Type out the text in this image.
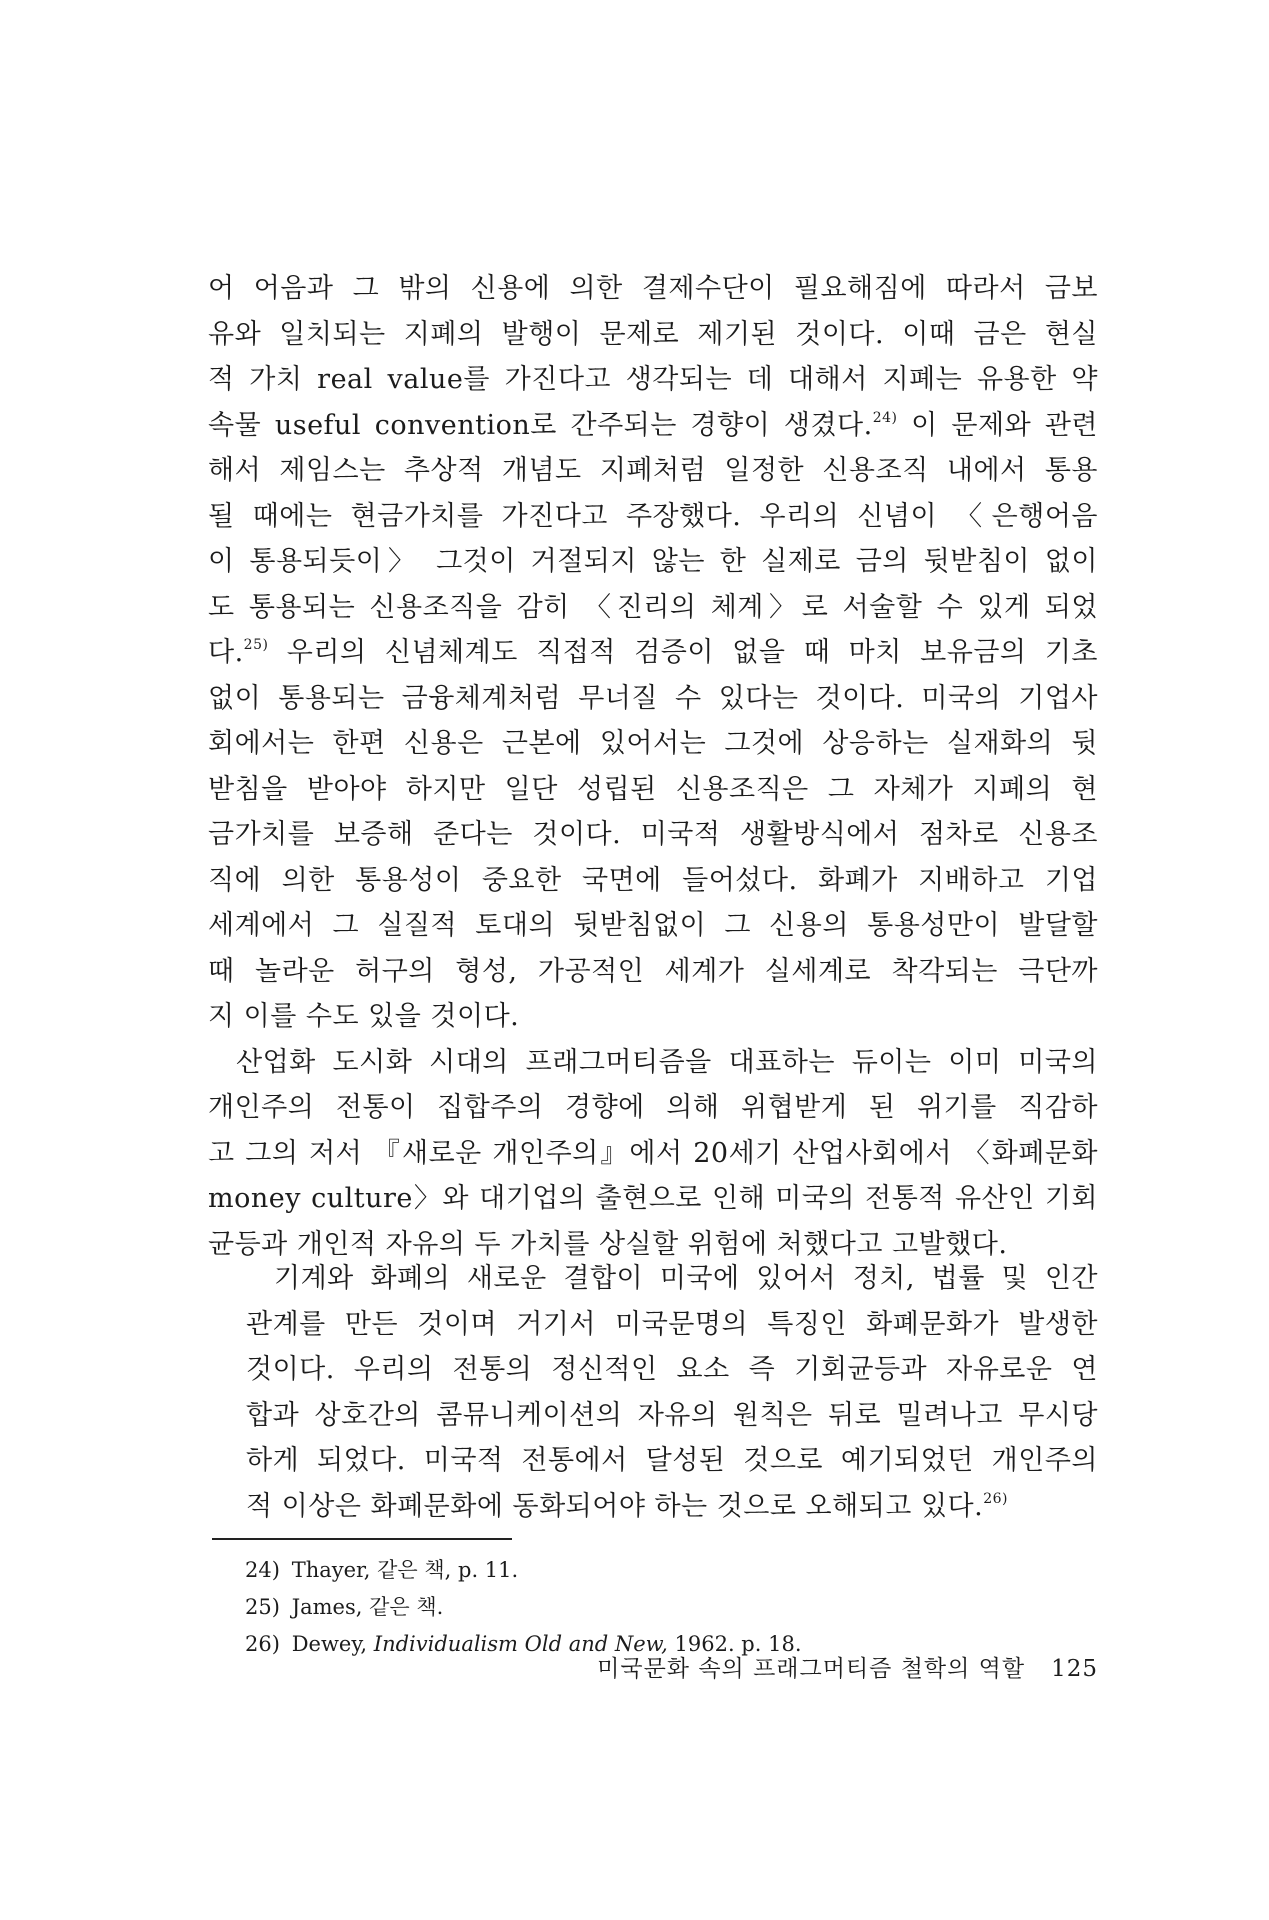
어 어음과 그 밖의 신용에 의한 결제수단이 필요해짐에 따라서 금보
유와 일치되는 지폐의 발행이 문제로 제기된 것이다. 이때 금은 현실
적 가치 real value를 가진다고 생각되는 데 대해서 지폐는 유용한 약
속물 useful convention로 간주되는 경향이 생겼다.$^{24)}$ 이 문제와 관련
해서 제임스는 추상적 개념도 지폐처럼 일정한 신용조직 내에서 통용
될 때에는 현금가치를 가진다고 주장했다. 우리의 신념이 〈은행어음
이 통용되듯이〉 그것이 거절되지 않는 한 실제로 금의 뒷받침이 없이
도 통용되는 신용조직을 감히 〈진리의 체계〉로 서술할 수 있게 되었
다.$^{25)}$ 우리의 신념체계도 직접적 검증이 없을 때 마치 보유금의 기초
없이 통용되는 금융체계처럼 무너질 수 있다는 것이다. 미국의 기업사
회에서는 한편 신용은 근본에 있어서는 그것에 상응하는 실재화의 뒷
받침을 받아야 하지만 일단 성립된 신용조직은 그 자체가 지폐의 현
금가치를 보증해 준다는 것이다. 미국적 생활방식에서 점차로 신용조
직에 의한 통용성이 중요한 국면에 들어섰다. 화폐가 지배하고 기업
세계에서 그 실질적 토대의 뒷받침없이 그 신용의 통용성만이 발달할
때 놀라운 허구의 형성, 가공적인 세계가 실세계로 착각되는 극단까
지 이를 수도 있을 것이다.
산업화 도시화 시대의 프래그머티즘을 대표하는 듀이는 이미 미국의
개인주의 전통이 집합주의 경향에 의해 위협받게 된 위기를 직감하
고 그의 저서 『새로운 개인주의』에서 20세기 산업사회에서 〈화폐문화
money culture〉와 대기업의 출현으로 인해 미국의 전통적 유산인 기회
균등과 개인적 자유의 두 가치를 상실할 위험에 처했다고 고발했다.
기계와 화폐의 새로운 결합이 미국에 있어서 정치, 법률 및 인간
관계를 만든 것이며 거기서 미국문명의 특징인 화폐문화가 발생한
것이다. 우리의 전통의 정신적인 요소 즉 기회균등과 자유로운 연
합과 상호간의 콤뮤니케이션의 자유의 원칙은 뒤로 밀려나고 무시당
하게 되었다. 미국적 전통에서 달성된 것으로 예기되었던 개인주의
적 이상은 화폐문화에 동화되어야 하는 것으로 오해되고 있다.$^{26)}$
24) Thayer, 같은 책, p. 11.
25) James, 같은 책.
26) Dewey, Individualism Old and New, 1962. p. 18.
미국문화 속의 프래그머티즘 철학의 역할 125
